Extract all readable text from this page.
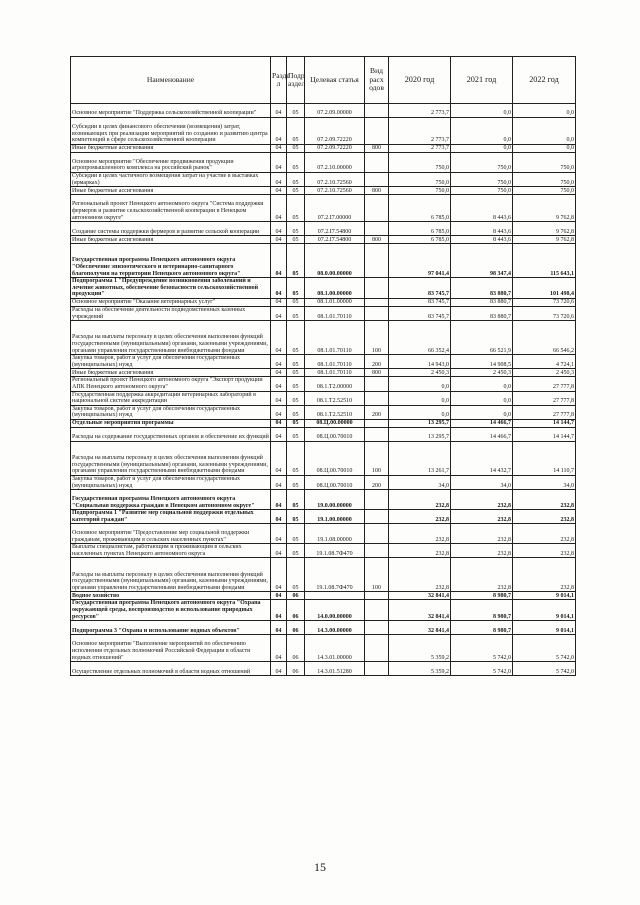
Наименование	Разде л	Подр аздел	Целевая статья	Вид расх одов	2020 год	2021 год	2022 год
Основное мероприятие "Поддержка сельскохозяйственной кооперации"	04	05	07.2.09.00000		2 773,7	0,0	0,0
Субсидии в целях финансового обеспечения (возмещения) затрат, возникающих при реализации мероприятий по созданию и развитию центра компетенций в сфере сельскохозяйственной кооперации	04	05	07.2.09.72220		2 773,7	0,0	0,0
Иные бюджетные ассигнования	04	05	07.2.09.72220	800	2 773,7	0,0	0,0
Основное мероприятие "Обеспечение продвижения продукции агропромышленного комплекса на российский рынок"	04	05	07.2.10.00000		750,0	750,0	750,0
Субсидии в целях частичного возмещения затрат на участие в выставках (ярмарках)	04	05	07.2.10.72560		750,0	750,0	750,0
Иные бюджетные ассигнования	04	05	07.2.10.72560	800	750,0	750,0	750,0
Региональный проект Ненецкого автономного округа "Система поддержки фермеров и развитие сельскохозяйственной кооперации в Ненецком автономном округе"	04	05	07.2.I7.00000		6 785,0	8 443,6	9 762,8
Создание системы поддержки фермеров и развитие сельской кооперации	04	05	07.2.I7.54800		6 785,0	8 443,6	9 762,8
Иные бюджетные ассигнования	04	05	07.2.I7.54800	800	6 785,0	8 443,6	9 762,8
Государственная программа Ненецкого автономного округа "Обеспечение эпизоотического и ветеринарно-санитарного благополучия на территории Ненецкого автономного округа"	04	05	08.0.00.00000		97 041,4	98 347,4	115 643,1
Подпрограмма 1 "Предупреждение возникновения заболеваний и лечение животных, обеспечение безопасности сельскохозяйственной продукции"	04	05	08.1.00.00000		83 745,7	83 880,7	101 498,4
Основное мероприятие "Оказание ветеринарных услуг"	04	05	08.1.01.00000		83 745,7	83 880,7	73 720,6
Расходы на обеспечение деятельности подведомственных казенных учреждений	04	05	08.1.01.70110		83 745,7	83 880,7	73 720,6
Расходы на выплаты персоналу в целях обеспечения выполнения функций государственными (муниципальными) органами, казенными учреждениями, органами управления государственными внебюджетными фондами	04	05	08.1.01.70110	100	66 352,4	66 521,9	66 546,2
Закупка товаров, работ и услуг для обеспечения государственных (муниципальных) нужд	04	05	08.1.01.70110	200	14 943,0	14 908,5	4 724,1
Иные бюджетные ассигнования	04	05	08.1.01.70110	800	2 450,3	2 450,3	2 450,3
Региональный проект Ненецкого автономного округа "Экспорт продукции АПК Ненецкого автономного округа"	04	05	08.1.T2.00000		0,0	0,0	27 777,8
Государственная поддержка аккредитации ветеринарных лабораторий в национальной системе аккредитации	04	05	08.1.T2.52510		0,0	0,0	27 777,8
Закупка товаров, работ и услуг для обеспечения государственных (муниципальных) нужд	04	05	08.1.T2.52510	200	0,0	0,0	27 777,8
Отдельные мероприятия программы	04	05	08.Ц.00.00000		13 295,7	14 466,7	14 144,7
Расходы на содержание государственных органов и обеспечение их функций	04	05	08.Ц.00.70010		13 295,7	14 466,7	14 144,7
Расходы на выплаты персоналу в целях обеспечения выполнения функций государственными (муниципальными) органами, казенными учреждениями, органами управления государственными внебюджетными фондами	04	05	08.Ц.00.70010	100	13 261,7	14 432,7	14 110,7
Закупка товаров, работ и услуг для обеспечения государственных (муниципальных) нужд	04	05	08.Ц.00.70010	200	34,0	34,0	34,0
Государственная программа Ненецкого автономного округа "Социальная поддержка граждан в Ненецком автономном округе"	04	05	19.0.00.00000		232,8	232,8	232,8
Подпрограмма 1 "Развитие мер социальной поддержки отдельных категорий граждан"	04	05	19.1.00.00000		232,8	232,8	232,8
Основное мероприятие "Предоставление мер социальной поддержки гражданам, проживающим в сельских населенных пунктах"	04	05	19.1.08.00000		232,8	232,8	232,8
Выплаты специалистам, работающим и проживающим в сельских населенных пунктах Ненецкого автономного округа	04	05	19.1.08.7Ф470		232,8	232,8	232,8
Расходы на выплаты персоналу в целях обеспечения выполнения функций государственными (муниципальными) органами, казенными учреждениями, органами управления государственными внебюджетными фондами	04	05	19.1.08.7Ф470	100	232,8	232,8	232,8
Водное хозяйство	04	06			32 841,4	8 980,7	9 014,1
Государственная программа Ненецкого автономного округа "Охрана окружающей среды, воспроизводство и использование природных ресурсов"	04	06	14.0.00.00000		32 841,4	8 980,7	9 014,1
Подпрограмма 3 "Охрана и использование водных объектов"	04	06	14.3.00.00000		32 841,4	8 980,7	9 014,1
Основное мероприятие "Выполнение мероприятий по обеспечению исполнения отдельных полномочий Российской Федерации в области водных отношений"	04	06	14.3.01.00000		5 359,2	5 742,0	5 742,0
Осуществление отдельных полномочий в области водных отношений	04	06	14.3.01.51280		5 359,2	5 742,0	5 742,0
15
